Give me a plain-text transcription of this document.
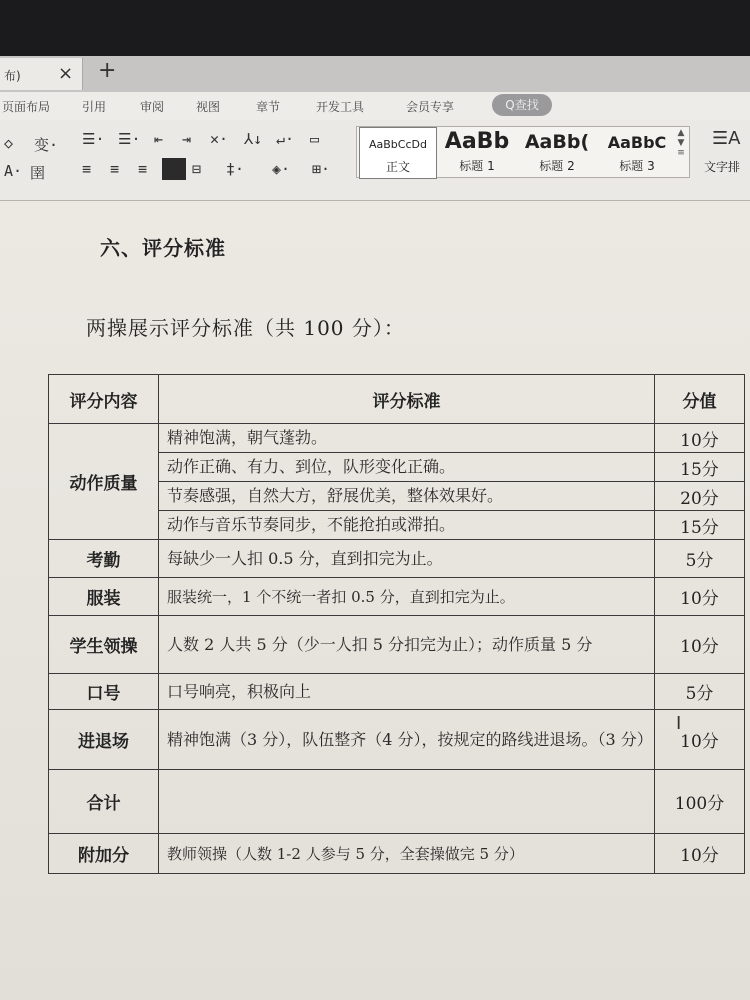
布) × +
页面布局	引用	审阅	视图	章节	开发工具	会员专享	Q查找
◇ 变·
A· 圉
☰· ☰· ⇤ ⇥ ✕· ⅄↓ ↵· ▭
≡ ≡ ≡	⊟ ‡· ◈· ⊞·
AaBbCcDd
正文
AaBb
标题 1
AaBb(
标题 2
AaBbC
标题 3
▲
▼
≡
☰A
文字排
六、评分标准
两操展示评分标准（共 100 分）：
评分内容	评分标准	分值
动作质量	精神饱满，朝气蓬勃。	10分
	动作正确、有力、到位，队形变化正确。	15分
	节奏感强，自然大方，舒展优美，整体效果好。	20分
	动作与音乐节奏同步，不能抢拍或滞拍。	15分
考勤	每缺少一人扣 0.5 分，直到扣完为止。	5分
服装	服装统一，1 个不统一者扣 0.5 分，直到扣完为止。	10分
学生领操	人数 2 人共 5 分（少一人扣 5 分扣完为止）；动作质量 5 分	10分
口号	口号响亮，积极向上	5分
进退场	精神饱满（3 分），队伍整齐（4 分），按规定的路线进退场。（3 分）	10分
合计		100分
附加分	教师领操（人数 1-2 人参与 5 分，全套操做完 5 分）	10分
I
